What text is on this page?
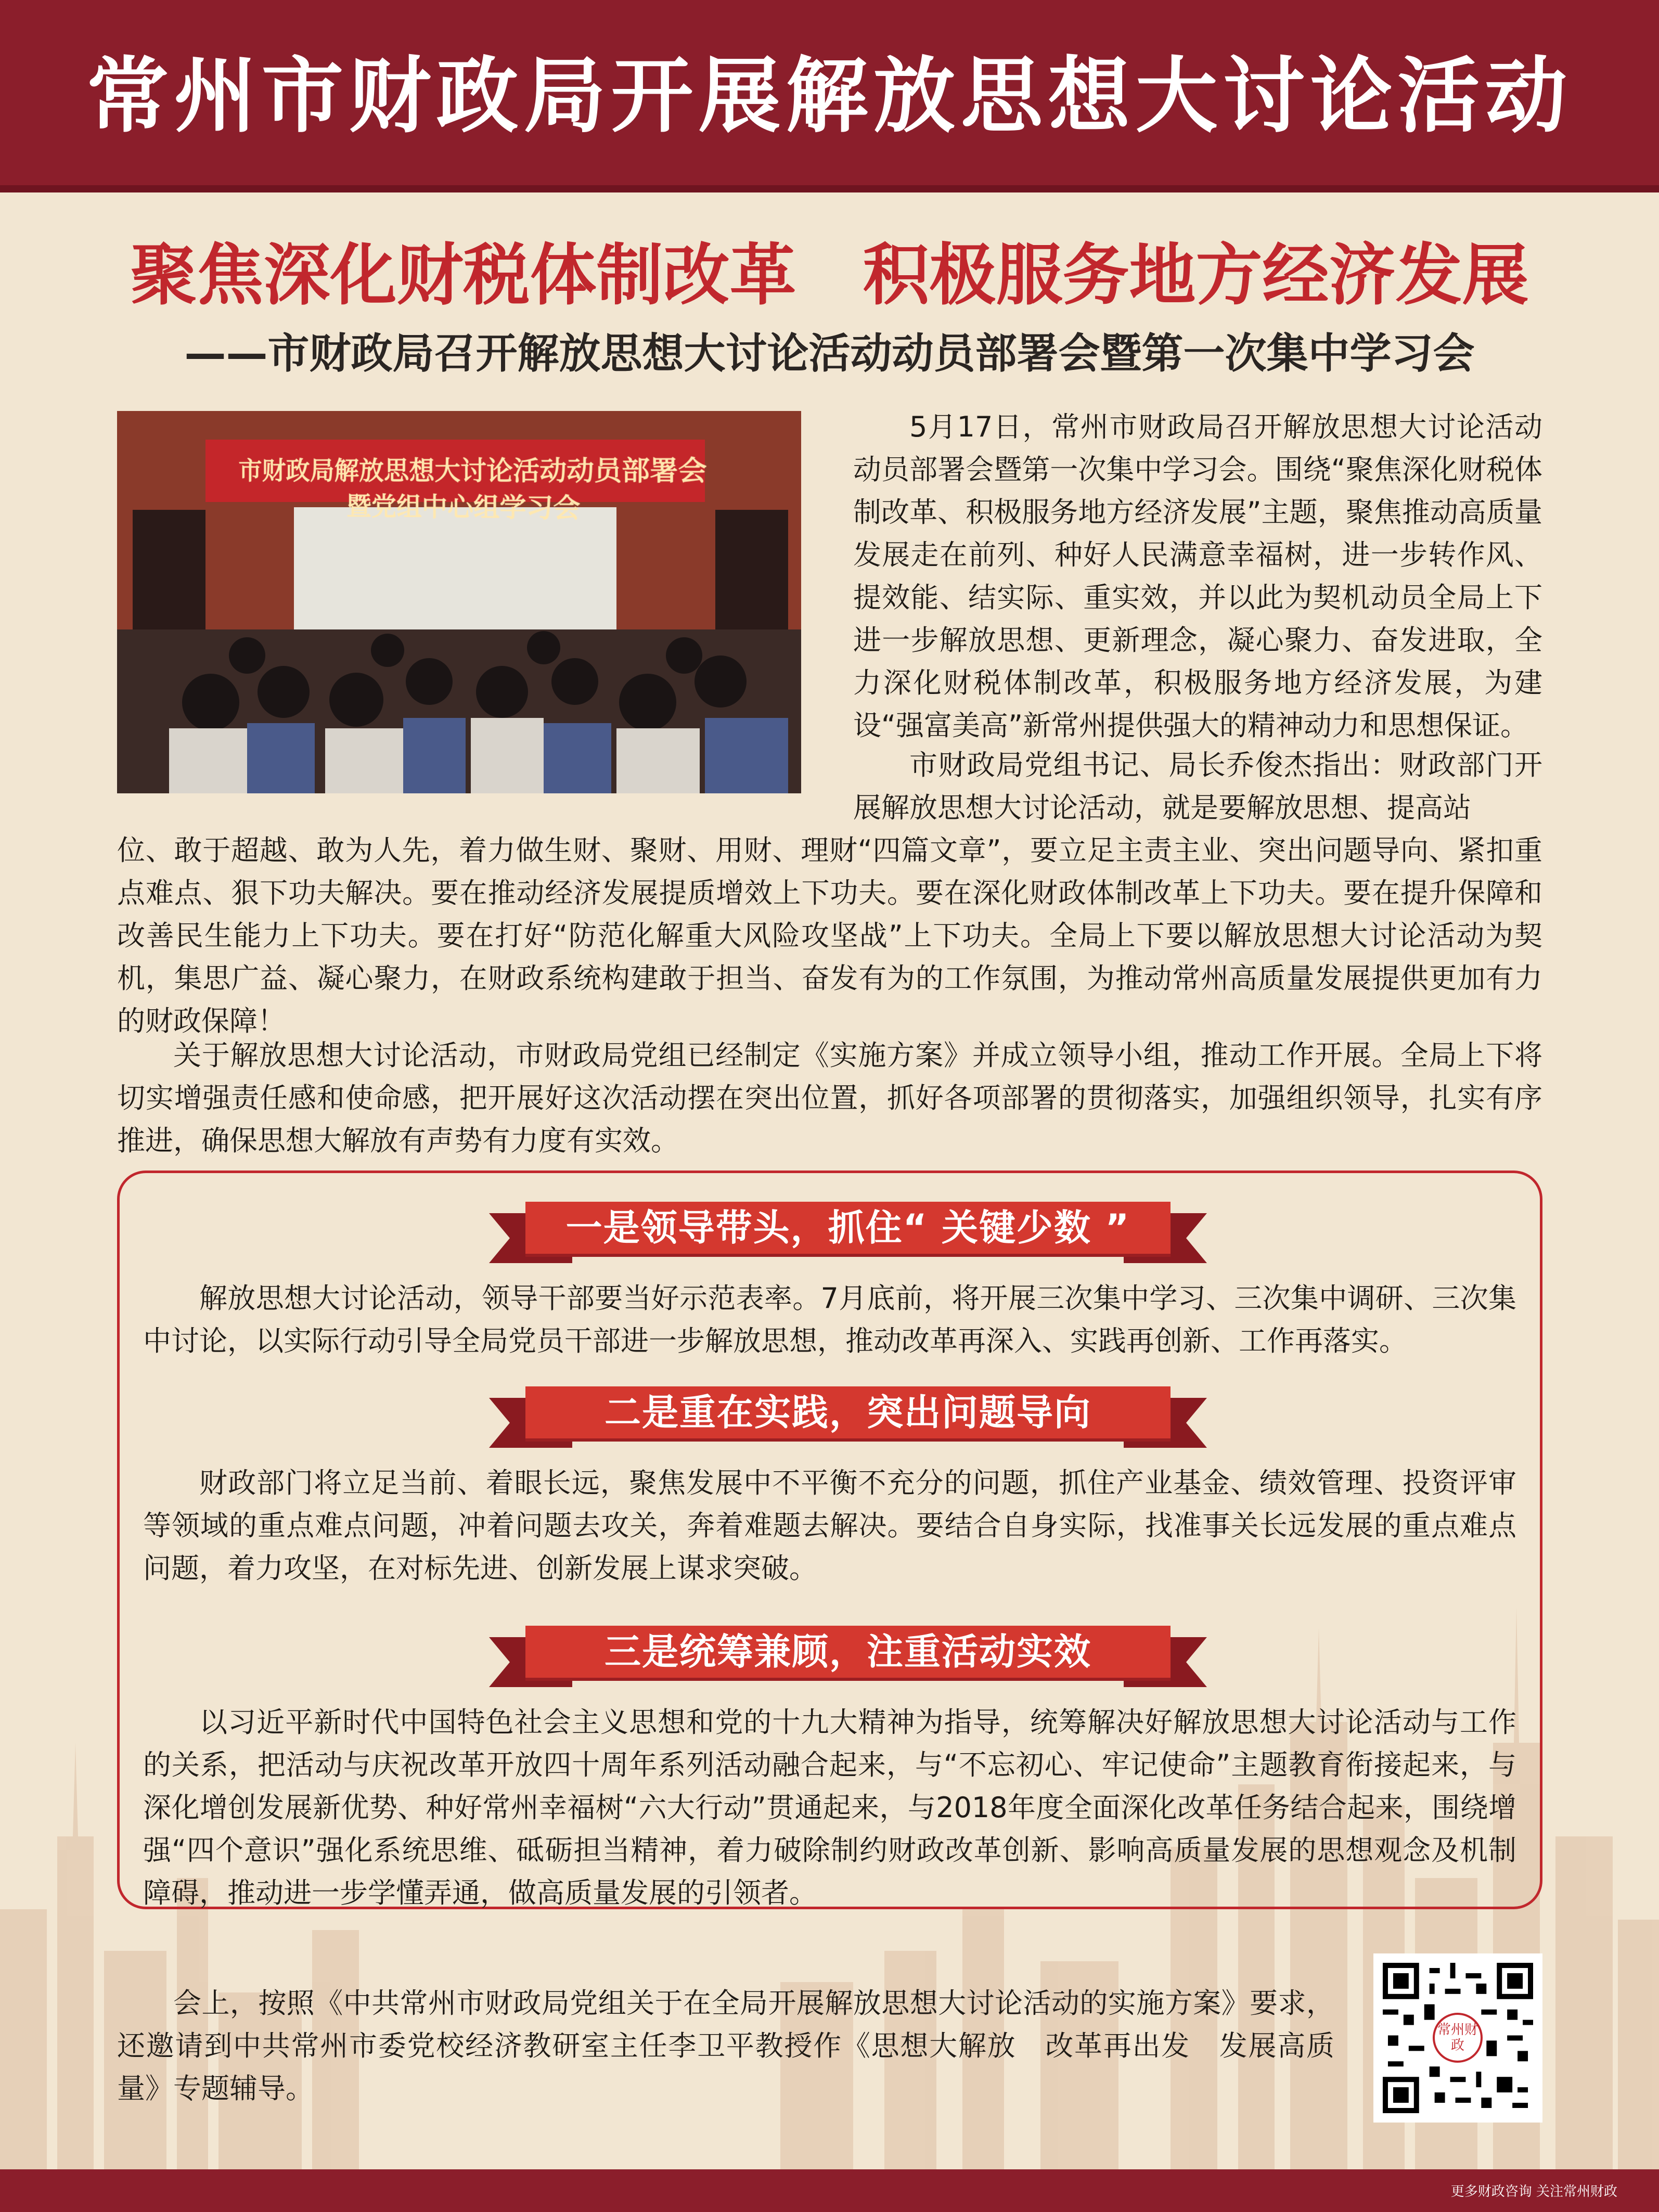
常州市财政局开展解放思想大讨论活动
聚焦深化财税体制改革　积极服务地方经济发展
——市财政局召开解放思想大讨论活动动员部署会暨第一次集中学习会
市财政局解放思想大讨论活动动员部署会暨党组中心组学习会

5月17日，常州市财政局召开解放思想大讨论活动动员部署会暨第一次集中学习会。围绕“聚焦深化财税体制改革、积极服务地方经济发展”主题，聚焦推动高质量发展走在前列、种好人民满意幸福树，进一步转作风、提效能、结实际、重实效，并以此为契机动员全局上下进一步解放思想、更新理念，凝心聚力、奋发进取，全力深化财税体制改革，积极服务地方经济发展，为建设“强富美高”新常州提供强大的精神动力和思想保证。

市财政局党组书记、局长乔俊杰指出：财政部门开展解放思想大讨论活动，就是要解放思想、提高站

位、敢于超越、敢为人先，着力做生财、聚财、用财、理财“四篇文章”，要立足主责主业、突出问题导向、紧扣重点难点、狠下功夫解决。要在推动经济发展提质增效上下功夫。要在深化财政体制改革上下功夫。要在提升保障和改善民生能力上下功夫。要在打好“防范化解重大风险攻坚战”上下功夫。全局上下要以解放思想大讨论活动为契机，集思广益、凝心聚力，在财政系统构建敢于担当、奋发有为的工作氛围，为推动常州高质量发展提供更加有力的财政保障！

关于解放思想大讨论活动，市财政局党组已经制定《实施方案》并成立领导小组，推动工作开展。全局上下将切实增强责任感和使命感，把开展好这次活动摆在突出位置，抓好各项部署的贯彻落实，加强组织领导，扎实有序推进，确保思想大解放有声势有力度有实效。

一是领导带头，抓住“ 关键少数 ”

解放思想大讨论活动，领导干部要当好示范表率。7月底前，将开展三次集中学习、三次集中调研、三次集中讨论，以实际行动引导全局党员干部进一步解放思想，推动改革再深入、实践再创新、工作再落实。

二是重在实践，突出问题导向

财政部门将立足当前、着眼长远，聚焦发展中不平衡不充分的问题，抓住产业基金、绩效管理、投资评审等领域的重点难点问题，冲着问题去攻关，奔着难题去解决。要结合自身实际，找准事关长远发展的重点难点问题，着力攻坚，在对标先进、创新发展上谋求突破。

三是统筹兼顾，注重活动实效

以习近平新时代中国特色社会主义思想和党的十九大精神为指导，统筹解决好解放思想大讨论活动与工作的关系，把活动与庆祝改革开放四十周年系列活动融合起来，与“不忘初心、牢记使命”主题教育衔接起来，与深化增创发展新优势、种好常州幸福树“六大行动”贯通起来，与2018年度全面深化改革任务结合起来，围绕增强“四个意识”强化系统思维、砥砺担当精神，着力破除制约财政改革创新、影响高质量发展的思想观念及机制障碍，推动进一步学懂弄通，做高质量发展的引领者。

会上，按照《中共常州市财政局党组关于在全局开展解放思想大讨论活动的实施方案》要求，还邀请到中共常州市委党校经济教研室主任李卫平教授作《思想大解放　改革再出发　发展高质量》专题辅导。

常州财政
更多财政咨询 关注常州财政
